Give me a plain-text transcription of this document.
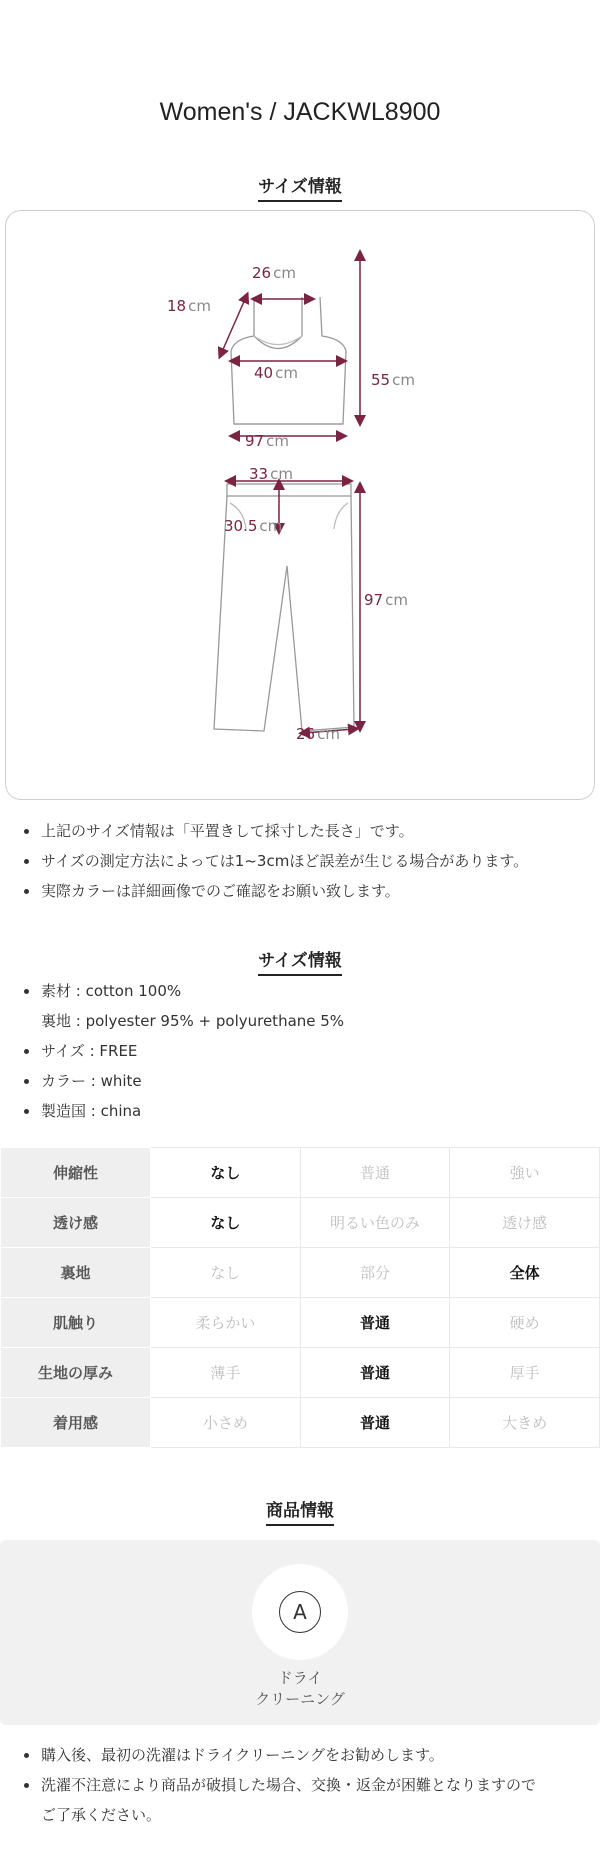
Women's / JACKWL8900
サイズ情報
26 cm
18 cm
40 cm	55 cm
97 cm
33 cm
30.5 cm
97 cm
26 cm
上記のサイズ情報は「平置きして採寸した長さ」です。
サイズの測定方法によっては1~3cmほど誤差が生じる場合があります。
実際カラーは詳細画像でのご確認をお願い致します。
サイズ情報
素材 : cotton 100%
裏地 : polyester 95% + polyurethane 5%
サイズ : FREE
カラー : white
製造国 : china
伸縮性	なし	普通	強い
透け感	なし	明るい色のみ	透け感
裏地	なし	部分	全体
肌触り	柔らかい	普通	硬め
生地の厚み	薄手	普通	厚手
着用感	小さめ	普通	大きめ
商品情報
A
ドライ
クリーニング
購入後、最初の洗濯はドライクリーニングをお勧めします。
洗濯不注意により商品が破損した場合、交換・返金が困難となりますので
ご了承ください。
